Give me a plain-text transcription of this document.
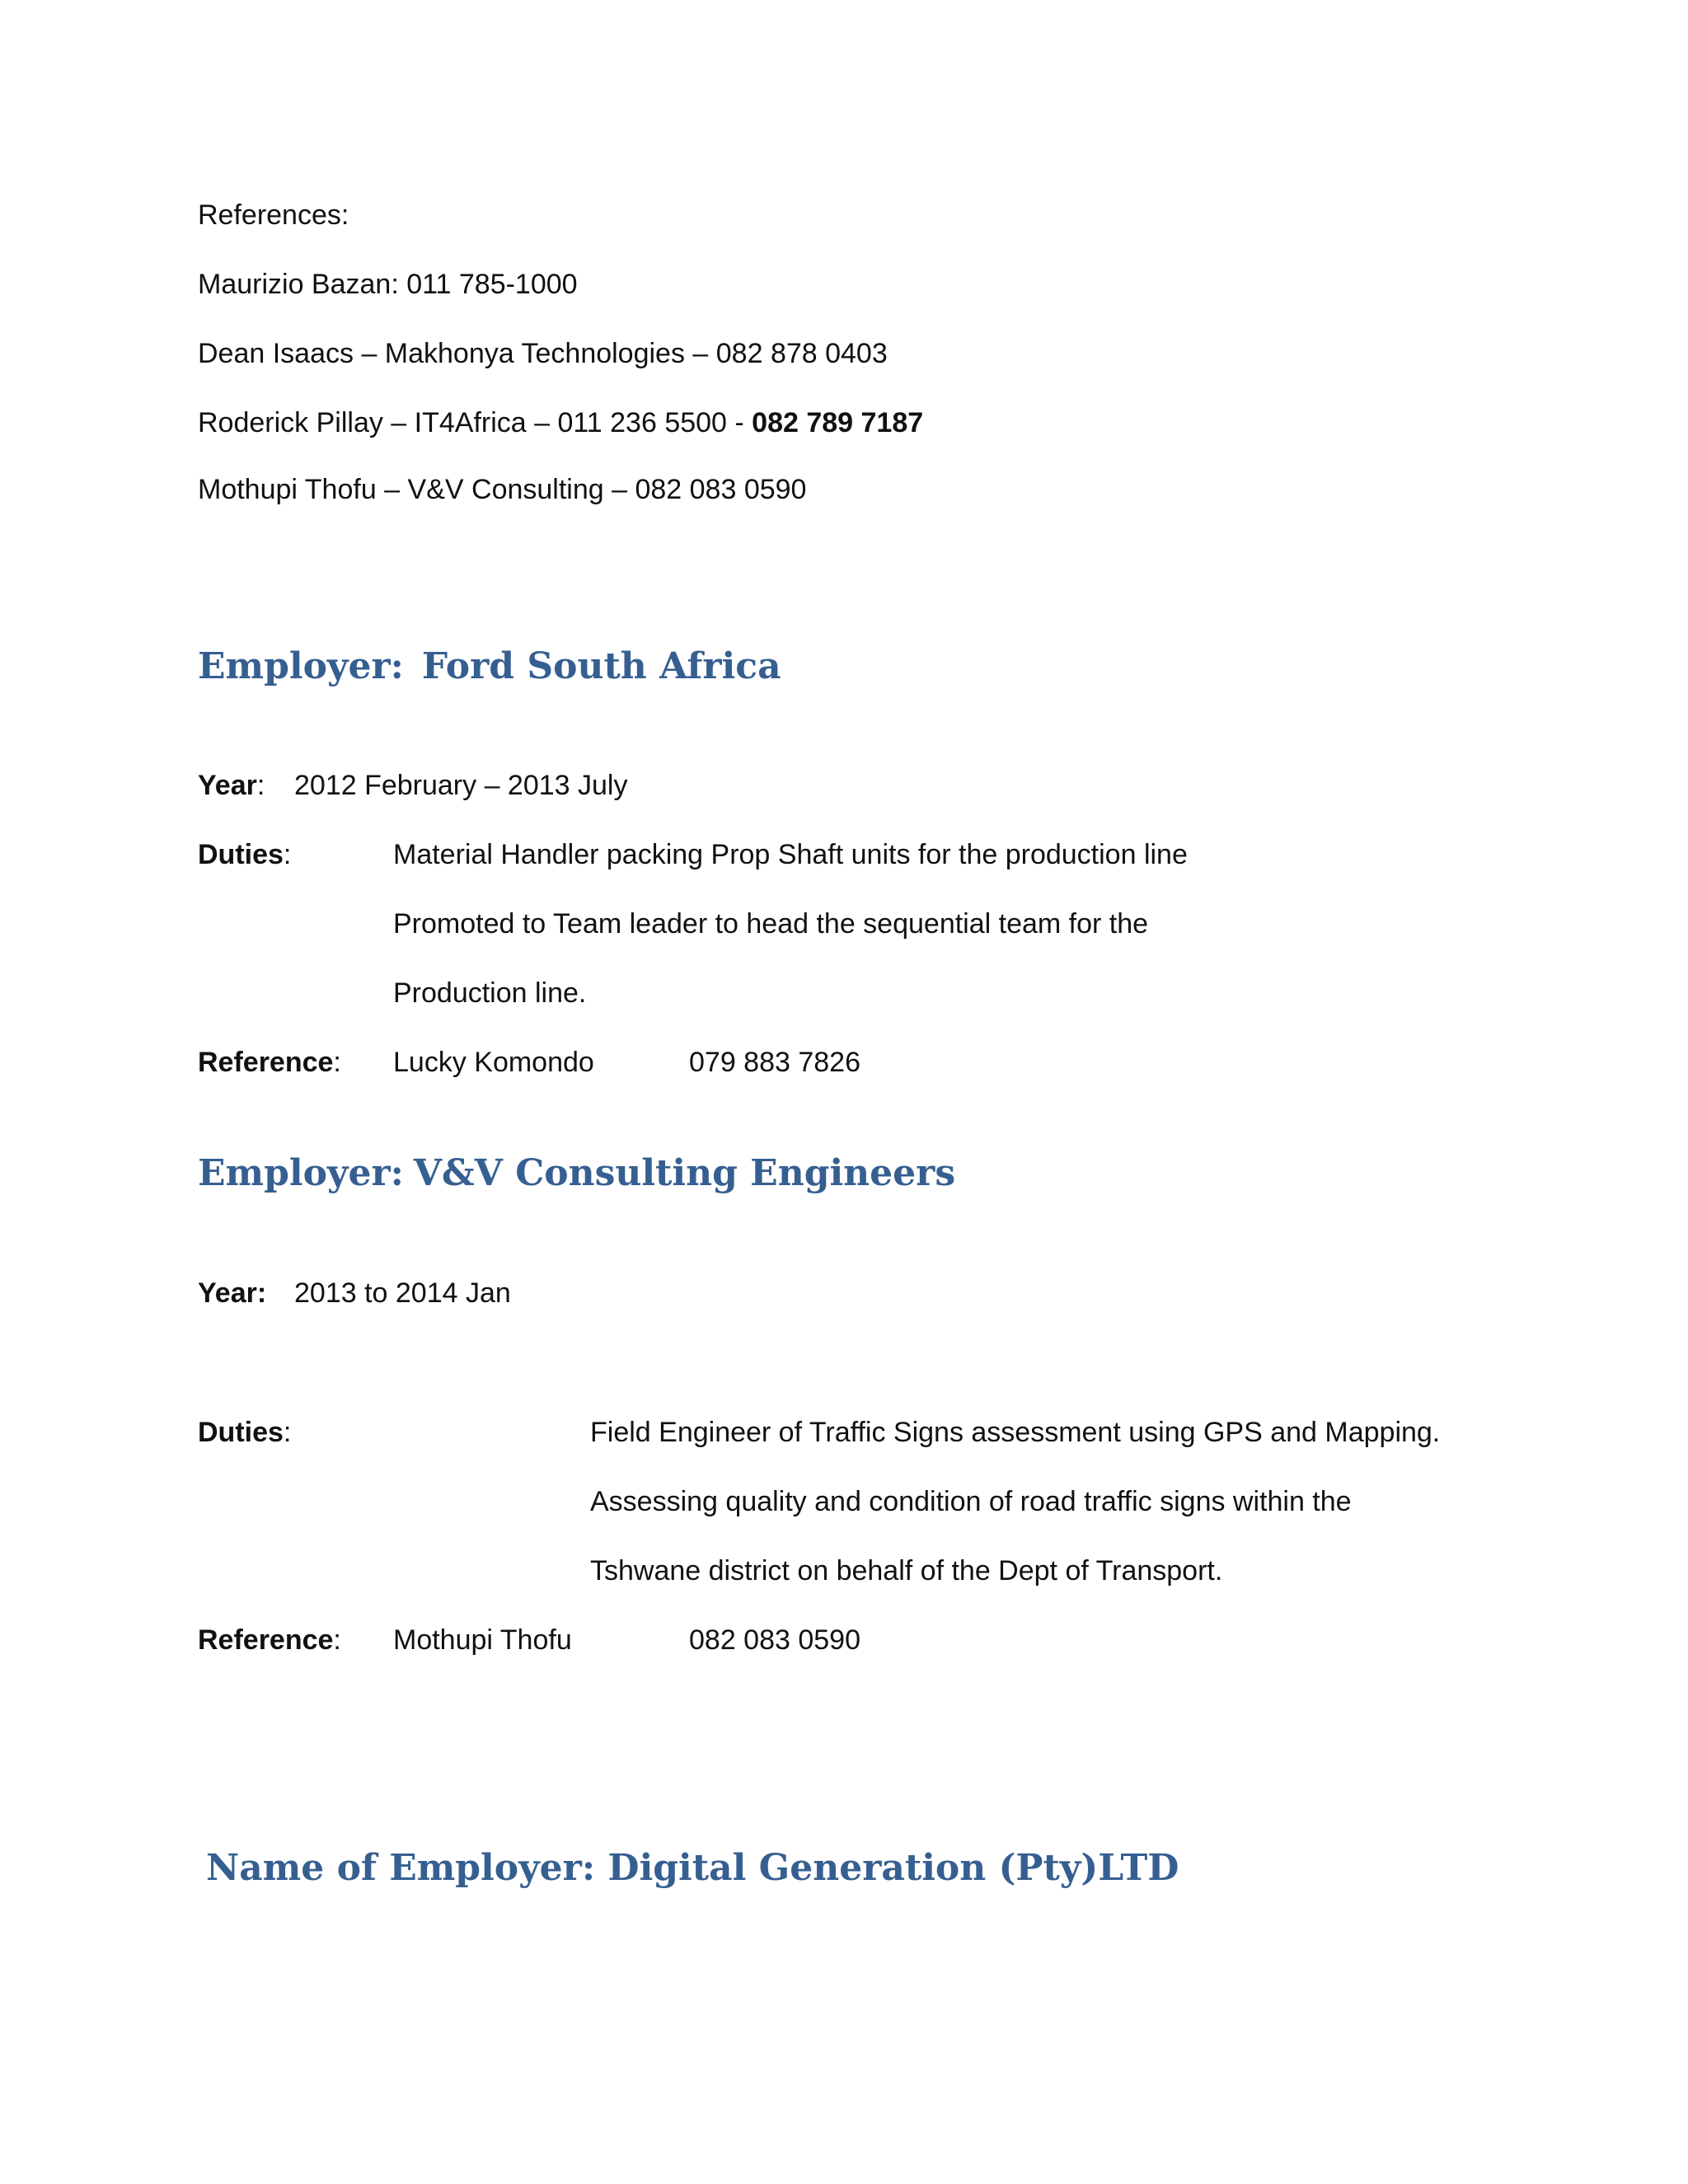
References:
Maurizio Bazan: 011 785-1000
Dean Isaacs – Makhonya Technologies – 082 878 0403
Roderick Pillay – IT4Africa – 011 236 5500 - 082 789 7187
Mothupi Thofu – V&V Consulting – 082 083 0590
Employer: Ford South Africa
Year: 2012 February – 2013 July
Duties:	Material Handler packing Prop Shaft units for the production line
Promoted to Team leader to head the sequential team for the
Production line.
Reference: Lucky Komondo	079 883 7826
Employer: V&V Consulting Engineers
Year: 2013 to 2014 Jan
Duties:	Field Engineer of Traffic Signs assessment using GPS and Mapping.
Assessing quality and condition of road traffic signs within the
Tshwane district on behalf of the Dept of Transport.
Reference: Mothupi Thofu	082 083 0590
Name of Employer: Digital Generation (Pty)LTD
